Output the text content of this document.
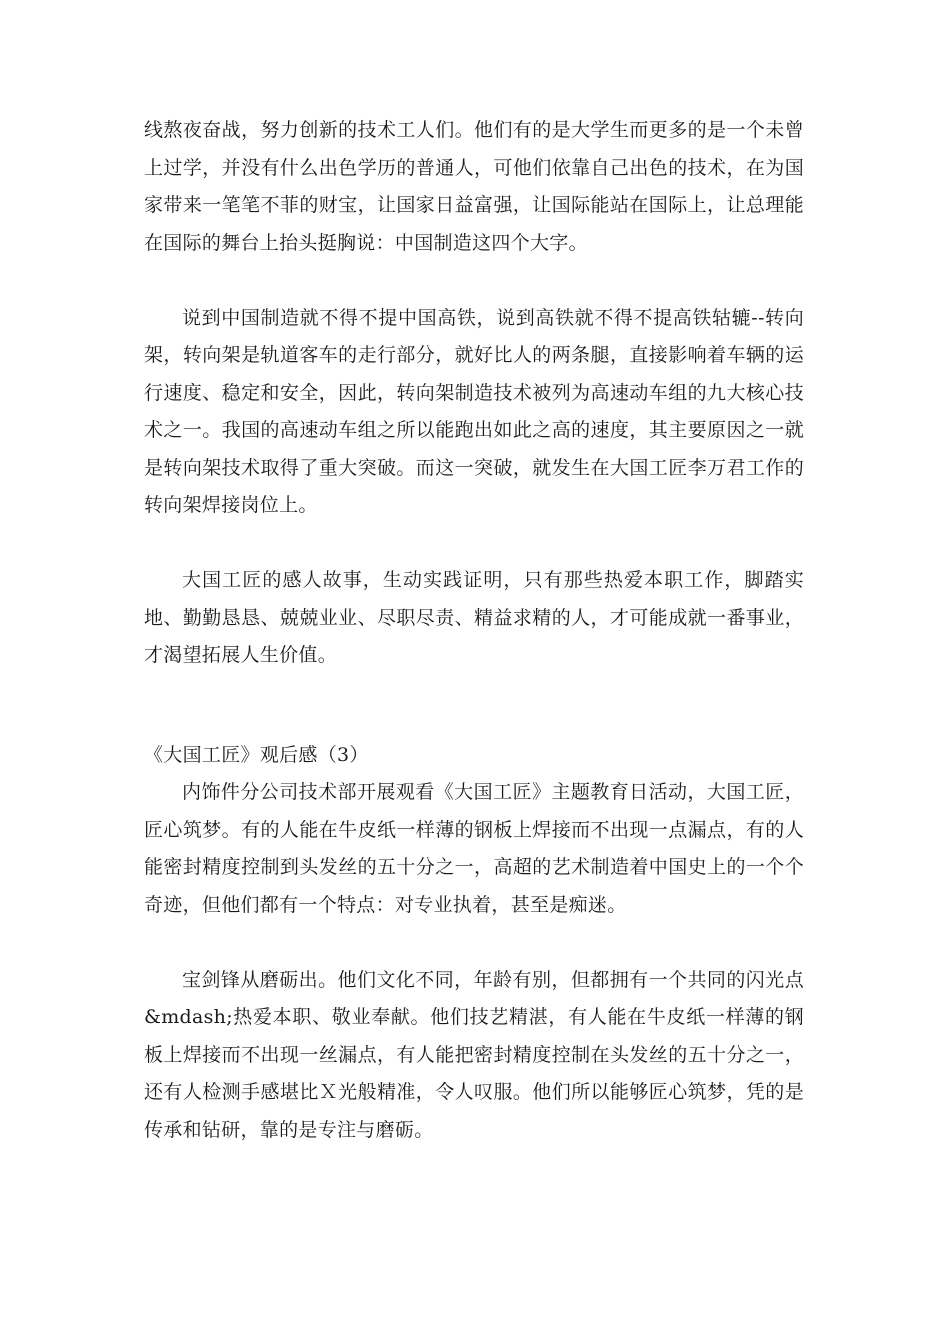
线熬夜奋战，努力创新的技术工人们。他们有的是大学生而更多的是一个未曾上过学，并没有什么出色学历的普通人，可他们依靠自己出色的技术，在为国家带来一笔笔不菲的财宝，让国家日益富强，让国际能站在国际上，让总理能在国际的舞台上抬头挺胸说：中国制造这四个大字。

说到中国制造就不得不提中国高铁，说到高铁就不得不提高铁轱辘--转向架，转向架是轨道客车的走行部分，就好比人的两条腿，直接影响着车辆的运行速度、稳定和安全，因此，转向架制造技术被列为高速动车组的九大核心技术之一。我国的高速动车组之所以能跑出如此之高的速度，其主要原因之一就是转向架技术取得了重大突破。而这一突破，就发生在大国工匠李万君工作的转向架焊接岗位上。

大国工匠的感人故事，生动实践证明，只有那些热爱本职工作，脚踏实地、勤勤恳恳、兢兢业业、尽职尽责、精益求精的人，才可能成就一番事业，才渴望拓展人生价值。

《大国工匠》观后感（3）

内饰件分公司技术部开展观看《大国工匠》主题教育日活动，大国工匠，匠心筑梦。有的人能在牛皮纸一样薄的钢板上焊接而不出现一点漏点，有的人能密封精度控制到头发丝的五十分之一，高超的艺术制造着中国史上的一个个奇迹，但他们都有一个特点：对专业执着，甚至是痴迷。

宝剑锋从磨砺出。他们文化不同，年龄有别，但都拥有一个共同的闪光点&mdash;热爱本职、敬业奉献。他们技艺精湛，有人能在牛皮纸一样薄的钢板上焊接而不出现一丝漏点，有人能把密封精度控制在头发丝的五十分之一，还有人检测手感堪比Ｘ光般精准，令人叹服。他们所以能够匠心筑梦，凭的是传承和钻研，靠的是专注与磨砺。
